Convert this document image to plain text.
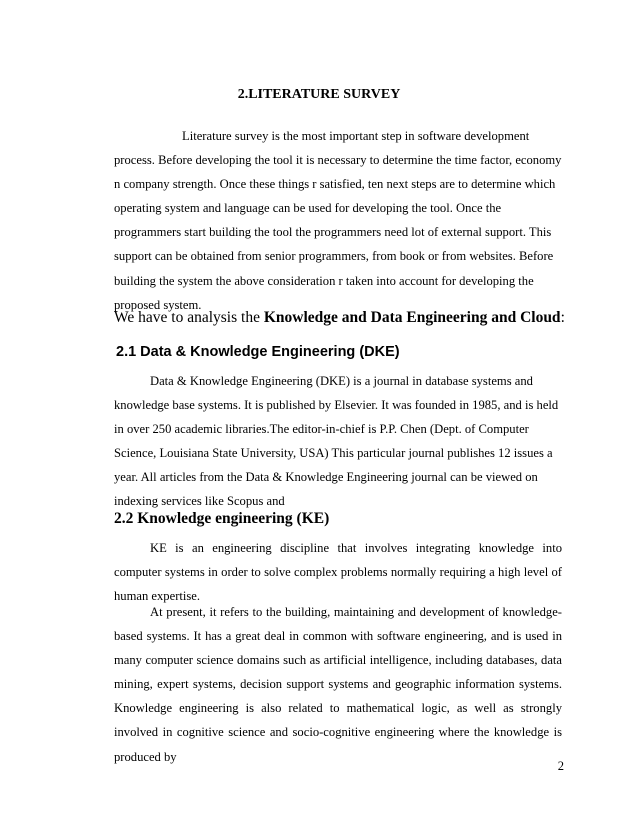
2.LITERATURE SURVEY
Literature survey is the most important step in software development process. Before developing the tool it is necessary to determine the time factor, economy n company strength. Once these things r satisfied, ten next steps are to determine which operating system and language can be used for developing the tool. Once the programmers start building the tool the programmers need lot of external support. This support can be obtained from senior programmers, from book or from websites. Before building the system the above consideration r taken into account for developing the proposed system.
We have to analysis the Knowledge and Data Engineering and Cloud:
2.1 Data & Knowledge Engineering (DKE)
Data & Knowledge Engineering (DKE) is a journal in database systems and knowledge base systems. It is published by Elsevier. It was founded in 1985, and is held in over 250 academic libraries.The editor-in-chief is P.P. Chen (Dept. of Computer Science, Louisiana State University, USA) This particular journal publishes 12 issues a year. All articles from the Data & Knowledge Engineering journal can be viewed on indexing services like Scopus and
2.2 Knowledge engineering (KE)
KE is an engineering discipline that involves integrating knowledge into computer systems in order to solve complex problems normally requiring a high level of human expertise.
At present, it refers to the building, maintaining and development of knowledge-based systems. It has a great deal in common with software engineering, and is used in many computer science domains such as artificial intelligence, including databases, data mining, expert systems, decision support systems and geographic information systems. Knowledge engineering is also related to mathematical logic, as well as strongly involved in cognitive science and socio-cognitive engineering where the knowledge is produced by
2
